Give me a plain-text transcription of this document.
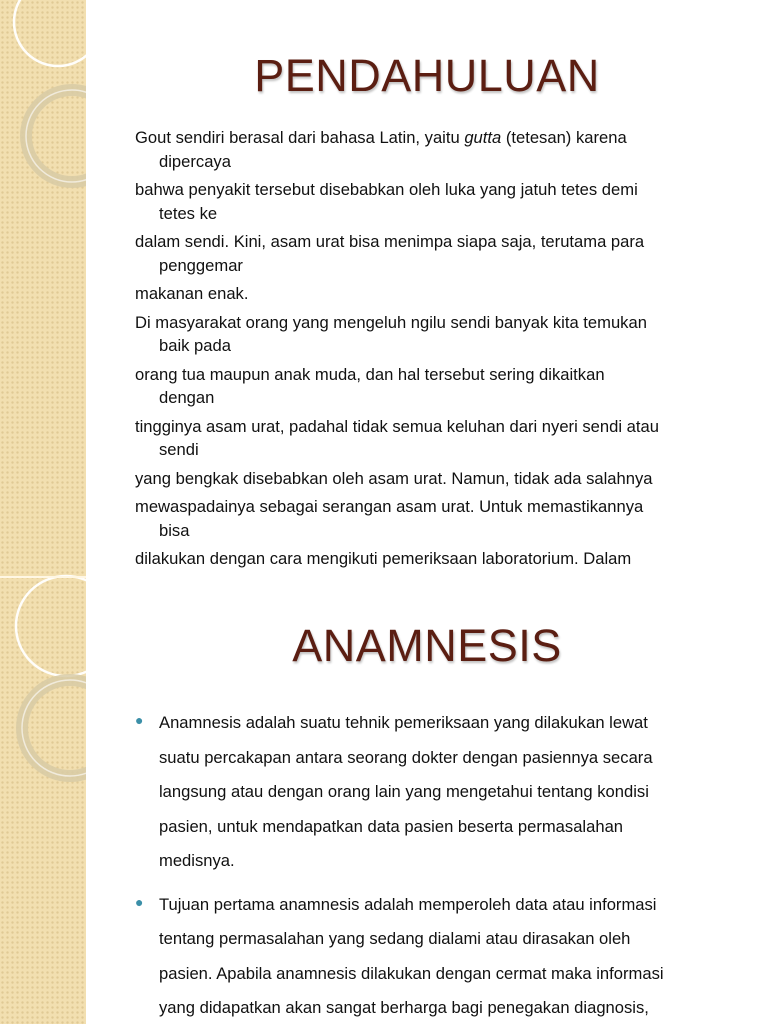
PENDAHULUAN
Gout sendiri berasal dari bahasa Latin, yaitu gutta (tetesan) karena
dipercaya
bahwa penyakit tersebut disebabkan oleh luka yang jatuh tetes demi
tetes ke
dalam sendi. Kini, asam urat bisa menimpa siapa saja, terutama para
penggemar
makanan enak.
Di masyarakat orang yang mengeluh ngilu sendi banyak kita temukan
baik pada
orang tua maupun anak muda, dan hal tersebut sering dikaitkan
dengan
tingginya asam urat, padahal tidak semua keluhan dari nyeri sendi atau
sendi
yang bengkak disebabkan oleh asam urat. Namun, tidak ada salahnya
mewaspadainya sebagai serangan asam urat. Untuk memastikannya
bisa
dilakukan dengan cara mengikuti pemeriksaan laboratorium. Dalam
ANAMNESIS
● Anamnesis adalah suatu tehnik pemeriksaan yang dilakukan lewat
suatu percakapan antara seorang dokter dengan pasiennya secara
langsung atau dengan orang lain yang mengetahui tentang kondisi
pasien, untuk mendapatkan data pasien beserta permasalahan
medisnya.
● Tujuan pertama anamnesis adalah memperoleh data atau informasi
tentang permasalahan yang sedang dialami atau dirasakan oleh
pasien. Apabila anamnesis dilakukan dengan cermat maka informasi
yang didapatkan akan sangat berharga bagi penegakan diagnosis,
